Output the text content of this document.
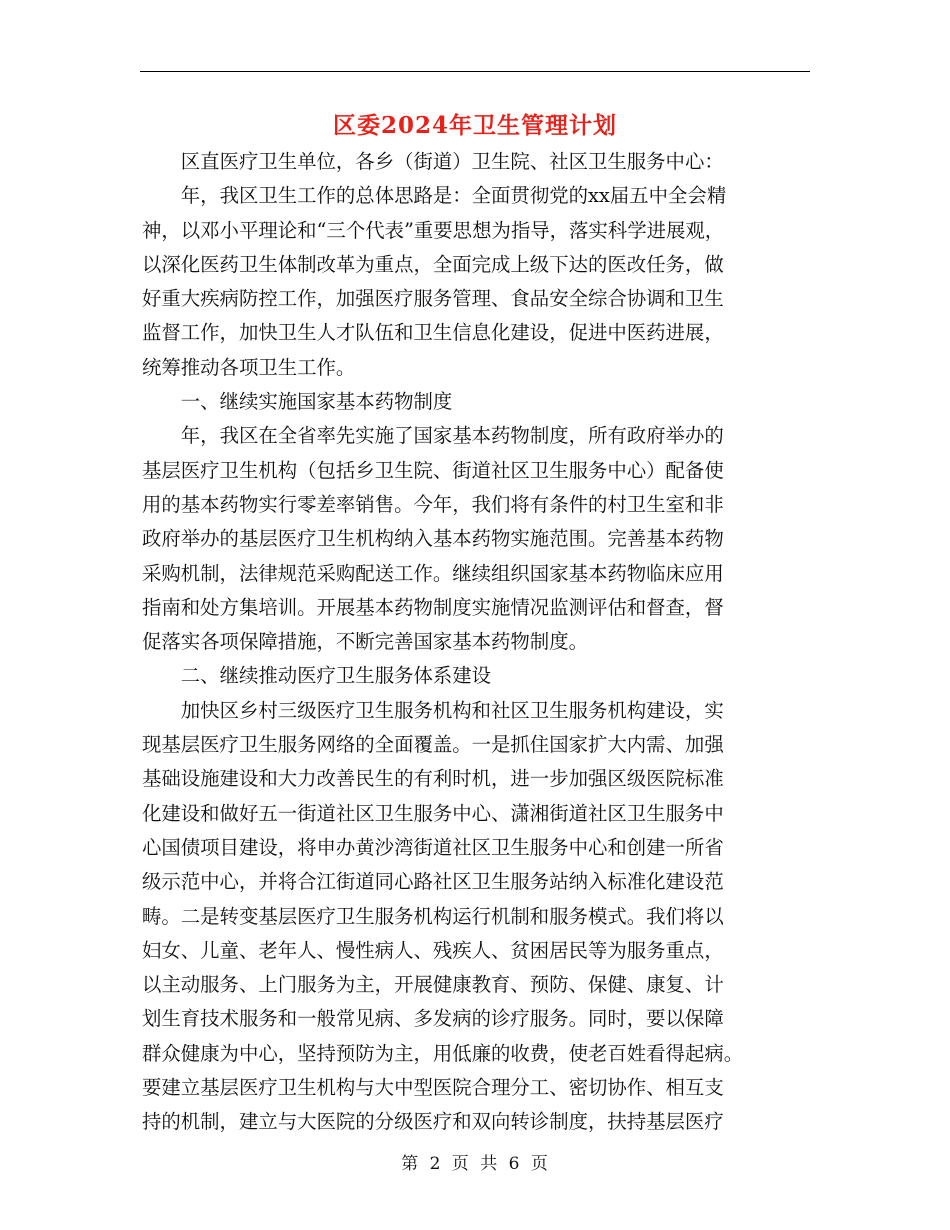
区委2024年卫生管理计划

区直医疗卫生单位，各乡（街道）卫生院、社区卫生服务中心：

年，我区卫生工作的总体思路是：全面贯彻党的xx届五中全会精
神，以邓小平理论和“三个代表”重要思想为指导，落实科学进展观，
以深化医药卫生体制改革为重点，全面完成上级下达的医改任务，做
好重大疾病防控工作，加强医疗服务管理、食品安全综合协调和卫生
监督工作，加快卫生人才队伍和卫生信息化建设，促进中医药进展，
统筹推动各项卫生工作。

一、继续实施国家基本药物制度

年，我区在全省率先实施了国家基本药物制度，所有政府举办的
基层医疗卫生机构（包括乡卫生院、街道社区卫生服务中心）配备使
用的基本药物实行零差率销售。今年，我们将有条件的村卫生室和非
政府举办的基层医疗卫生机构纳入基本药物实施范围。完善基本药物
采购机制，法律规范采购配送工作。继续组织国家基本药物临床应用
指南和处方集培训。开展基本药物制度实施情况监测评估和督查，督
促落实各项保障措施，不断完善国家基本药物制度。

二、继续推动医疗卫生服务体系建设

加快区乡村三级医疗卫生服务机构和社区卫生服务机构建设，实
现基层医疗卫生服务网络的全面覆盖。一是抓住国家扩大内需、加强
基础设施建设和大力改善民生的有利时机，进一步加强区级医院标准
化建设和做好五一街道社区卫生服务中心、潇湘街道社区卫生服务中
心国债项目建设，将申办黄沙湾街道社区卫生服务中心和创建一所省
级示范中心，并将合江街道同心路社区卫生服务站纳入标准化建设范
畴。二是转变基层医疗卫生服务机构运行机制和服务模式。我们将以
妇女、儿童、老年人、慢性病人、残疾人、贫困居民等为服务重点，
以主动服务、上门服务为主，开展健康教育、预防、保健、康复、计
划生育技术服务和一般常见病、多发病的诊疗服务。同时，要以保障
群众健康为中心，坚持预防为主，用低廉的收费，使老百姓看得起病。
要建立基层医疗卫生机构与大中型医院合理分工、密切协作、相互支
持的机制，建立与大医院的分级医疗和双向转诊制度，扶持基层医疗

第 2 页 共 6 页
